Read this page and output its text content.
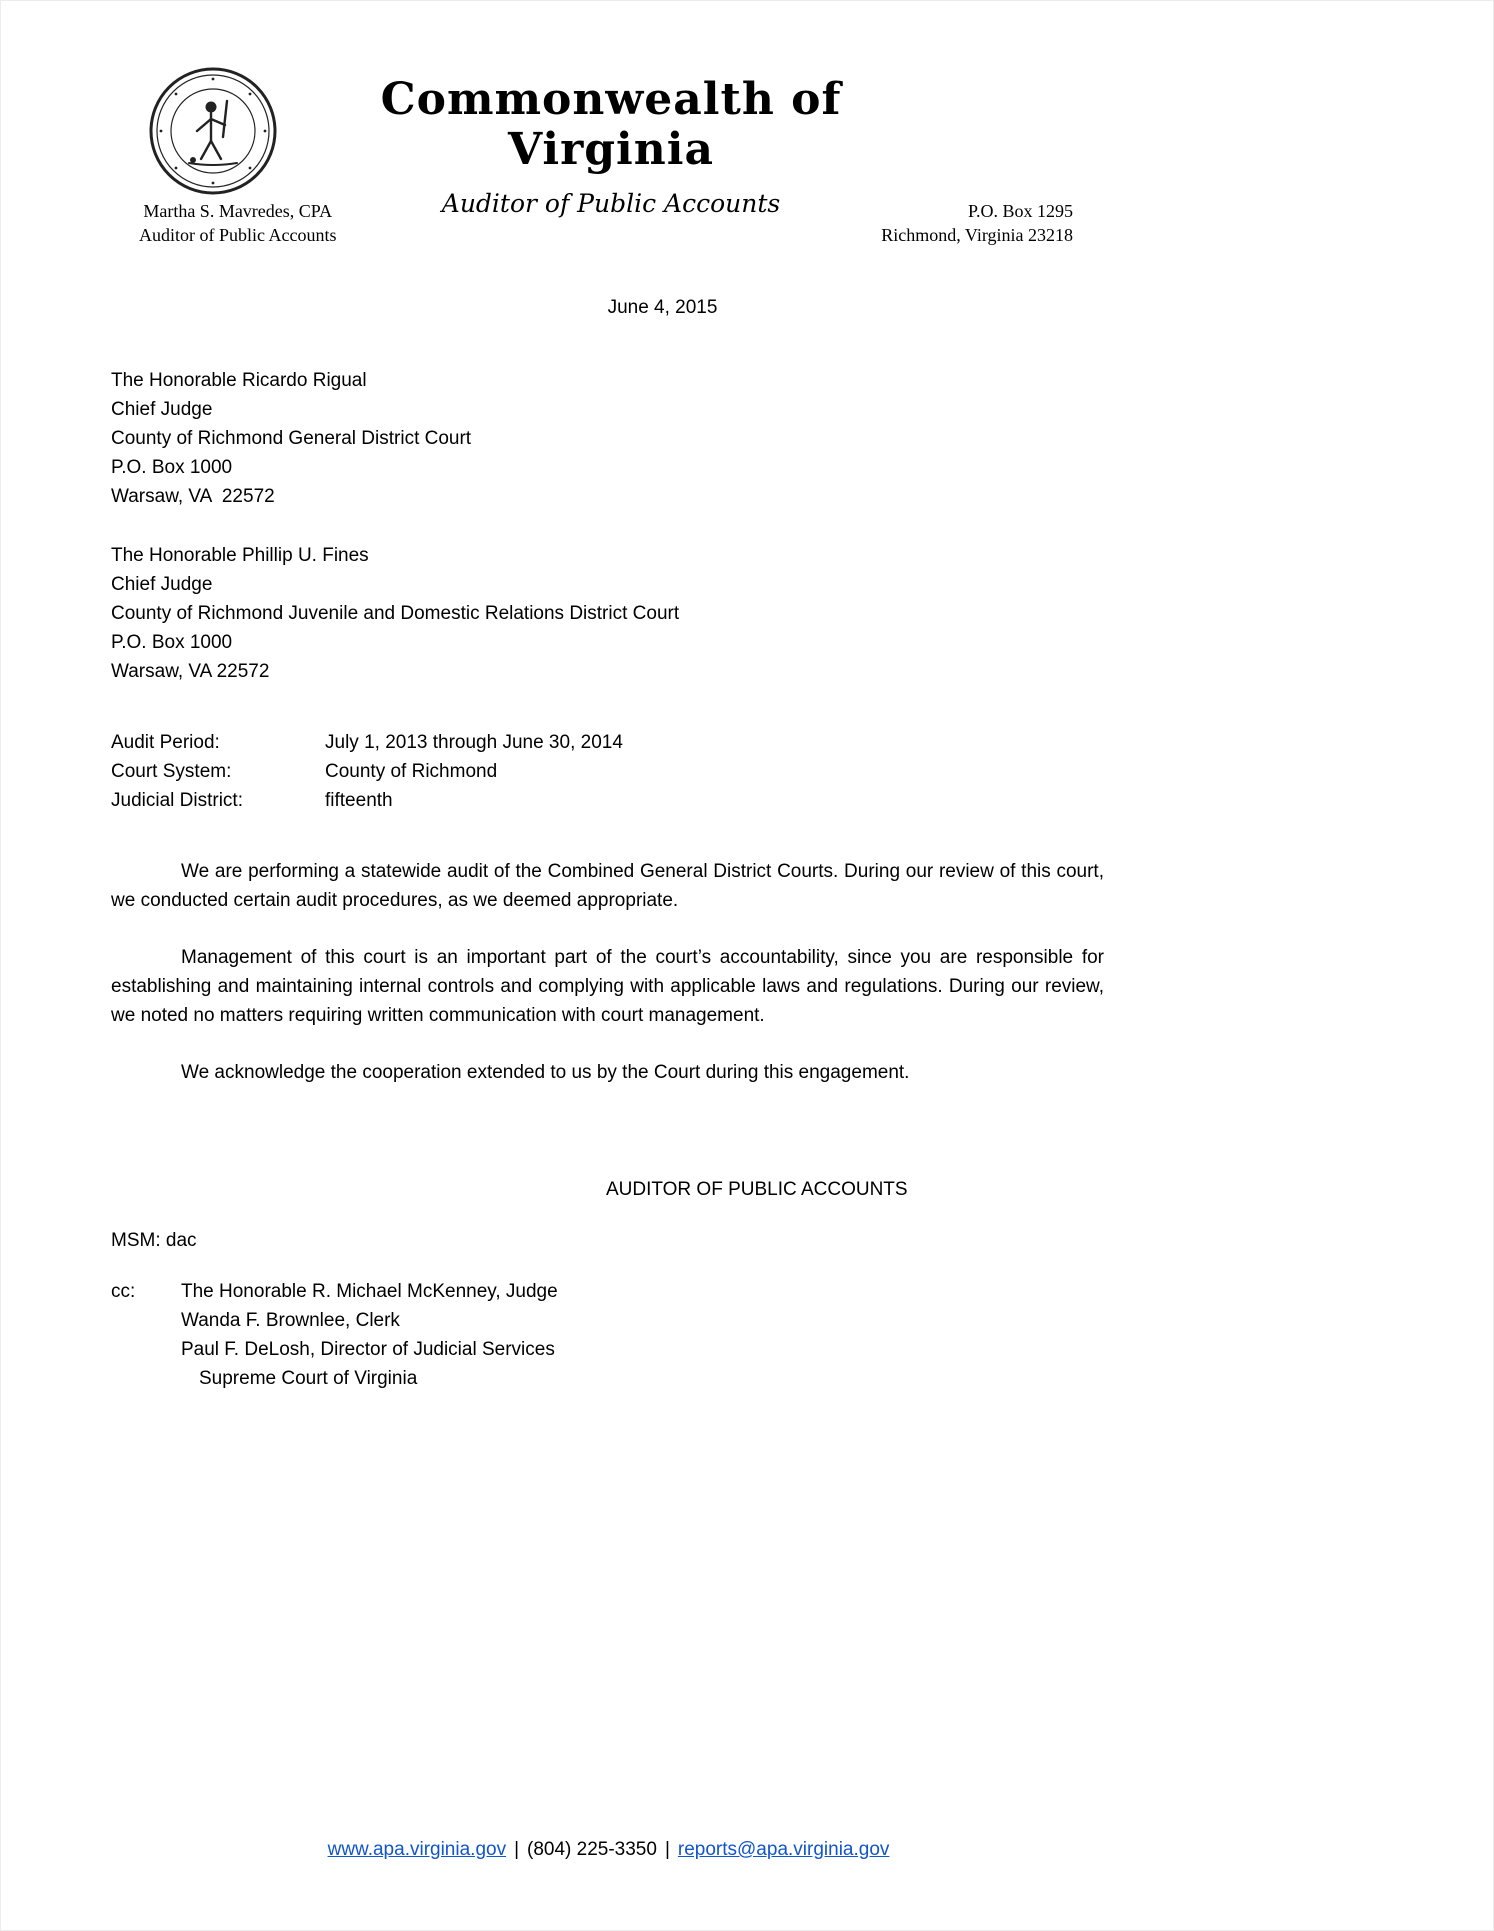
Commonwealth of Virginia
Auditor of Public Accounts
Martha S. Mavredes, CPA
Auditor of Public Accounts
P.O. Box 1295
Richmond, Virginia 23218
June 4, 2015
The Honorable Ricardo Rigual
Chief Judge
County of Richmond General District Court
P.O. Box 1000
Warsaw, VA  22572
The Honorable Phillip U. Fines
Chief Judge
County of Richmond Juvenile and Domestic Relations District Court
P.O. Box 1000
Warsaw, VA 22572
Audit Period:	July 1, 2013 through June 30, 2014
Court System:	County of Richmond
Judicial District:	fifteenth

We are performing a statewide audit of the Combined General District Courts. During our review of this court, we conducted certain audit procedures, as we deemed appropriate.

Management of this court is an important part of the court’s accountability, since you are responsible for establishing and maintaining internal controls and complying with applicable laws and regulations. During our review, we noted no matters requiring written communication with court management.

We acknowledge the cooperation extended to us by the Court during this engagement.

AUDITOR OF PUBLIC ACCOUNTS
MSM: dac
cc:	The Honorable R. Michael McKenney, Judge
Wanda F. Brownlee, Clerk
Paul F. DeLosh, Director of Judicial Services
Supreme Court of Virginia
www.apa.virginia.gov | (804) 225-3350 | reports@apa.virginia.gov
